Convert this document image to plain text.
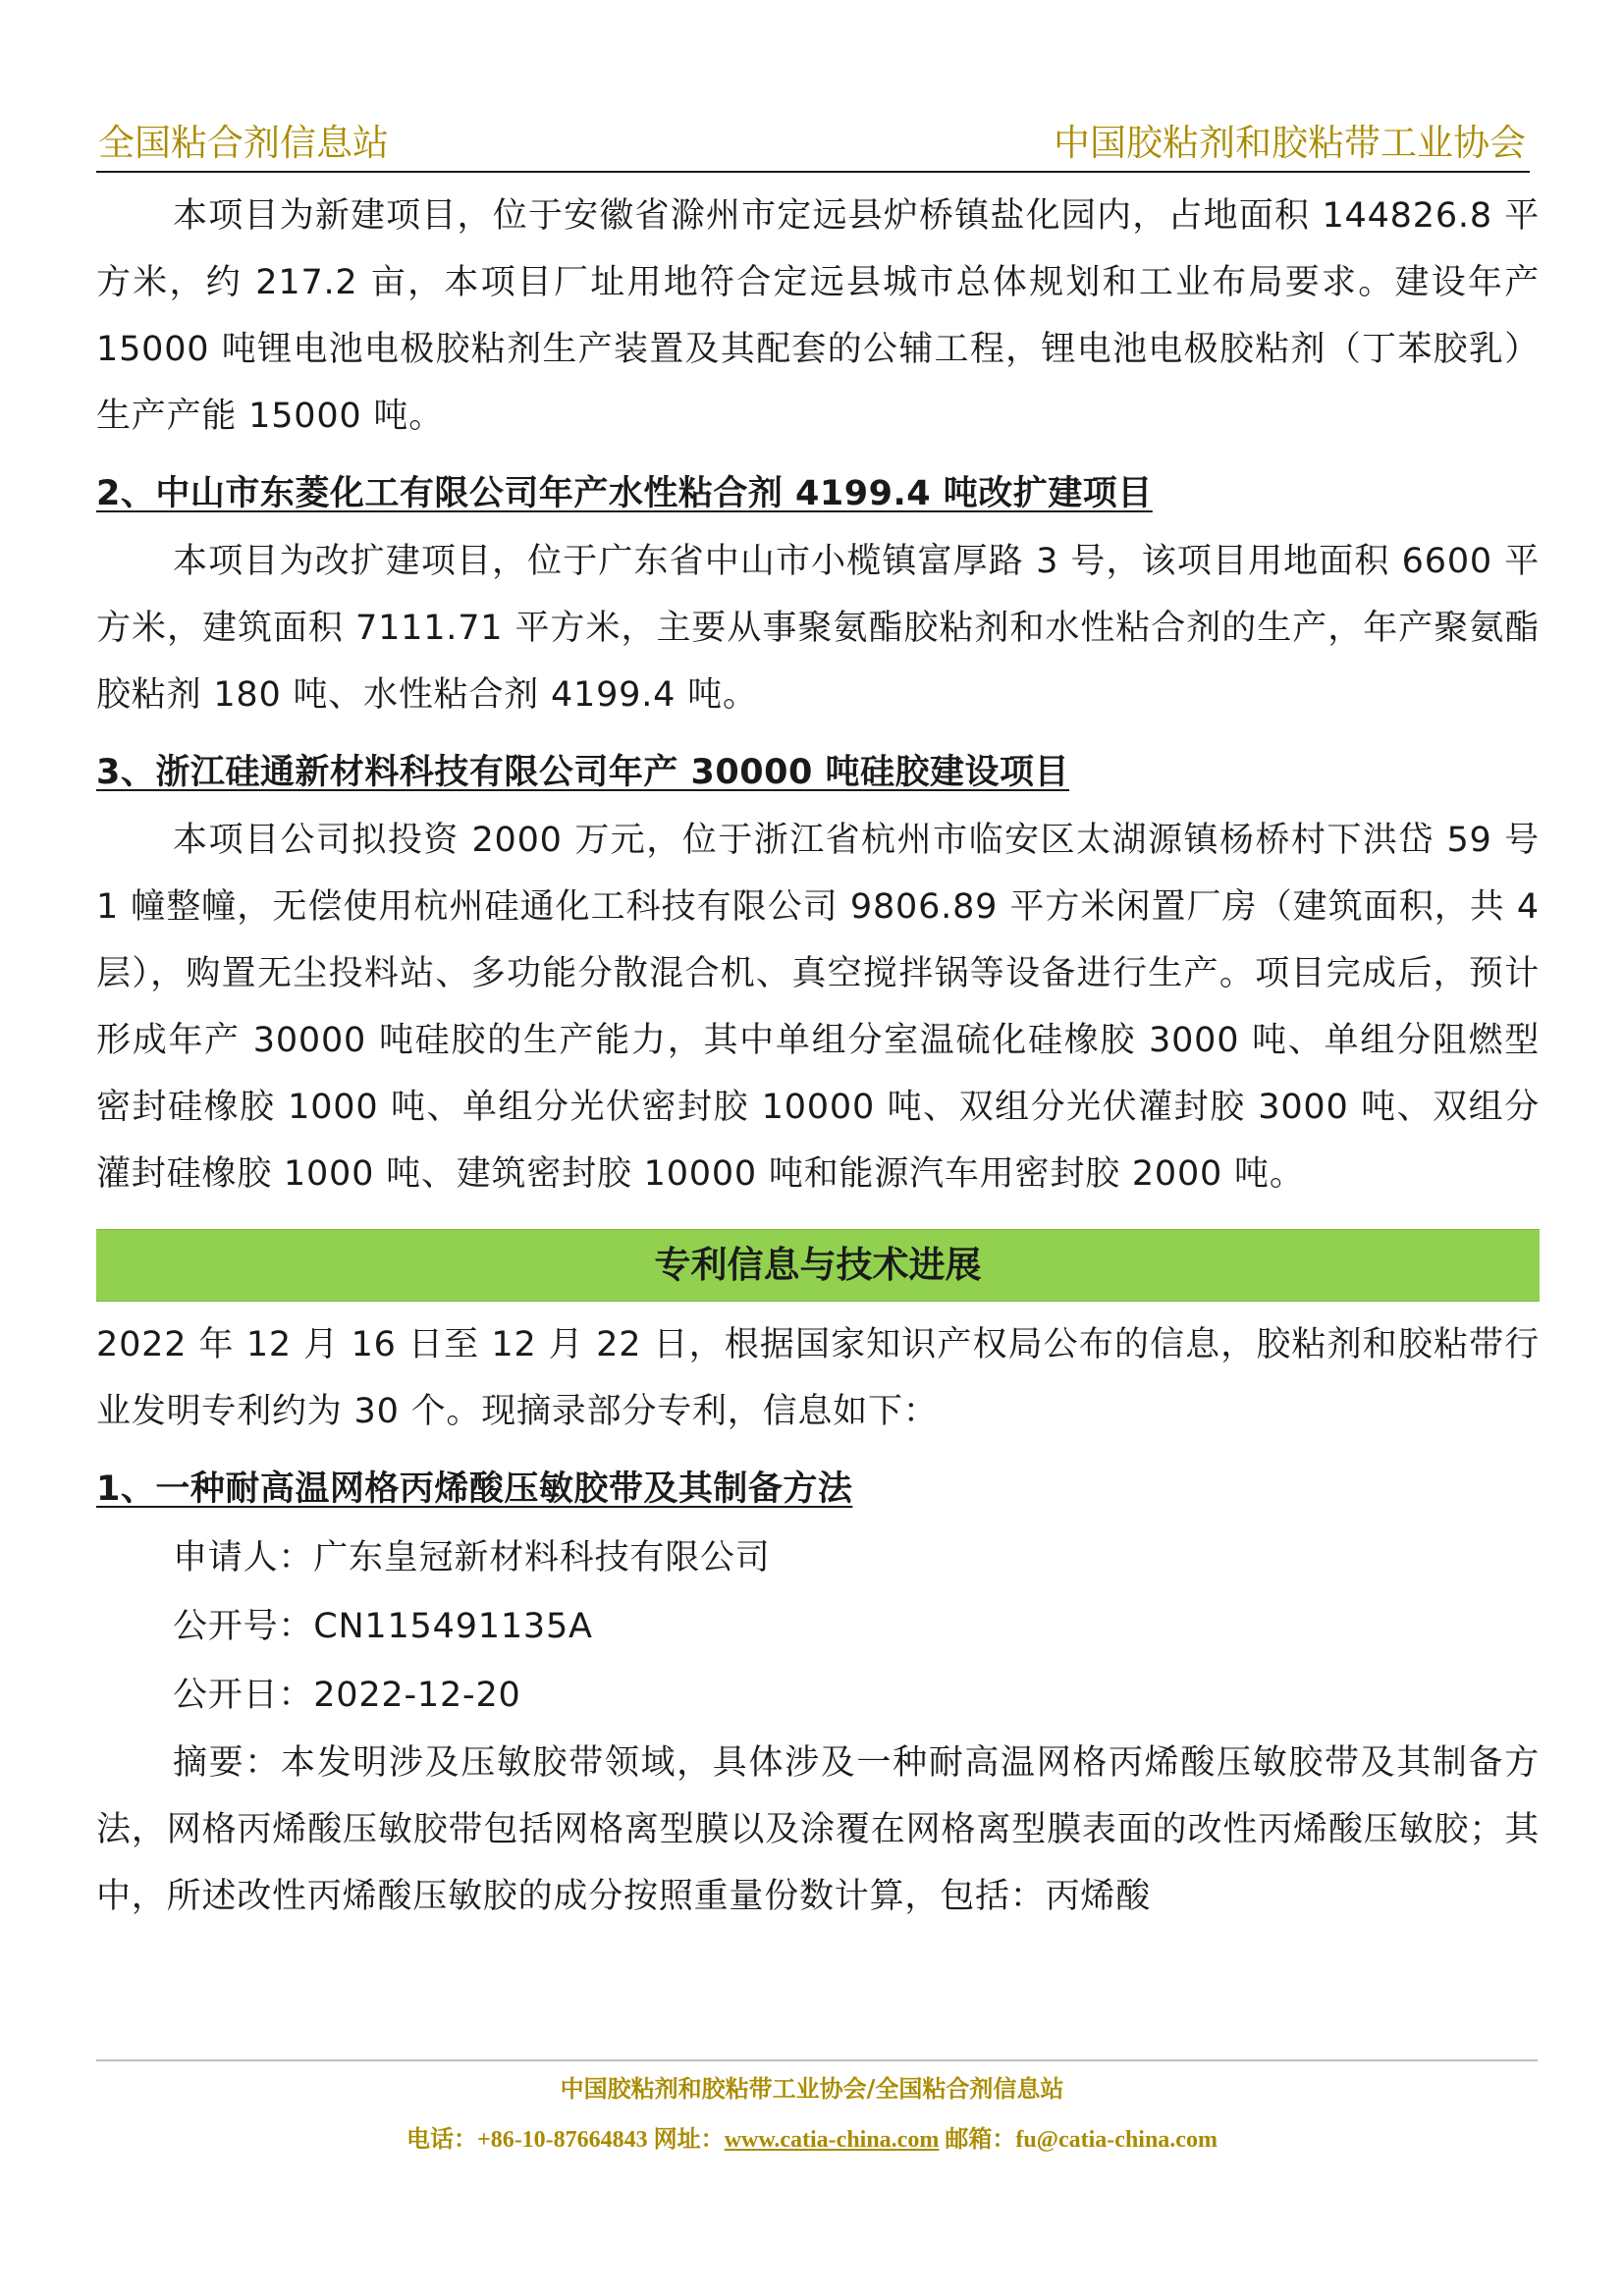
全国粘合剂信息站	中国胶粘剂和胶粘带工业协会

本项目为新建项目，位于安徽省滁州市定远县炉桥镇盐化园内，占地面积 144826.8 平方米，约 217.2 亩，本项目厂址用地符合定远县城市总体规划和工业布局要求。建设年产 15000 吨锂电池电极胶粘剂生产装置及其配套的公辅工程，锂电池电极胶粘剂（丁苯胶乳）生产产能 15000 吨。

2、中山市东菱化工有限公司年产水性粘合剂 4199.4 吨改扩建项目

本项目为改扩建项目，位于广东省中山市小榄镇富厚路 3 号，该项目用地面积 6600 平方米，建筑面积 7111.71 平方米，主要从事聚氨酯胶粘剂和水性粘合剂的生产，年产聚氨酯胶粘剂 180 吨、水性粘合剂 4199.4 吨。

3、浙江硅通新材料科技有限公司年产 30000 吨硅胶建设项目

本项目公司拟投资 2000 万元，位于浙江省杭州市临安区太湖源镇杨桥村下洪岱 59 号 1 幢整幢，无偿使用杭州硅通化工科技有限公司 9806.89 平方米闲置厂房（建筑面积，共 4 层），购置无尘投料站、多功能分散混合机、真空搅拌锅等设备进行生产。项目完成后，预计形成年产 30000 吨硅胶的生产能力，其中单组分室温硫化硅橡胶 3000 吨、单组分阻燃型密封硅橡胶 1000 吨、单组分光伏密封胶 10000 吨、双组分光伏灌封胶 3000 吨、双组分灌封硅橡胶 1000 吨、建筑密封胶 10000 吨和能源汽车用密封胶 2000 吨。

专利信息与技术进展

2022 年 12 月 16 日至 12 月 22 日，根据国家知识产权局公布的信息，胶粘剂和胶粘带行业发明专利约为 30 个。现摘录部分专利，信息如下：

1、一种耐高温网格丙烯酸压敏胶带及其制备方法

申请人：广东皇冠新材料科技有限公司

公开号：CN115491135A

公开日：2022-12-20

摘要：本发明涉及压敏胶带领域，具体涉及一种耐高温网格丙烯酸压敏胶带及其制备方法，网格丙烯酸压敏胶带包括网格离型膜以及涂覆在网格离型膜表面的改性丙烯酸压敏胶；其中，所述改性丙烯酸压敏胶的成分按照重量份数计算，包括：丙烯酸

中国胶粘剂和胶粘带工业协会/全国粘合剂信息站
电话：+86-10-87664843 网址：www.catia-china.com 邮箱：fu@catia-china.com
